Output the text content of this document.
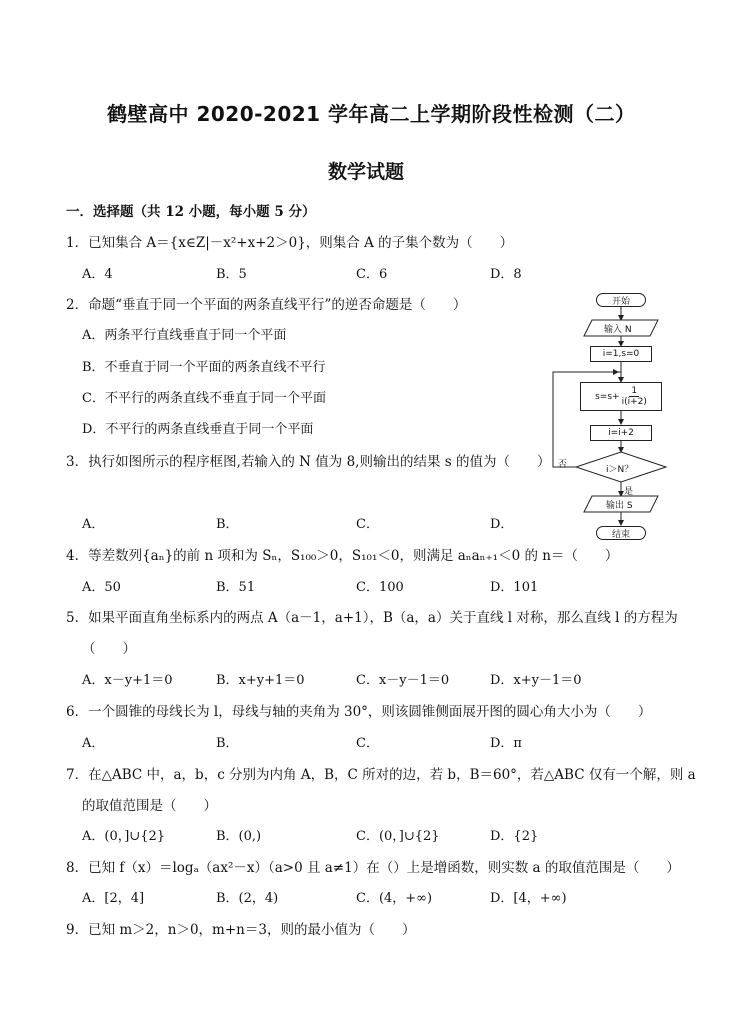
鹤壁高中 2020-2021 学年高二上学期阶段性检测（二）
数学试题
一．选择题（共 12 小题，每小题 5 分）
1．已知集合 A＝{x∈Z|－x²+x+2＞0}，则集合 A 的子集个数为（　　）
A．4	B．5	C．6	D．8
2．命题“垂直于同一个平面的两条直线平行”的逆否命题是（　　）
A．两条平行直线垂直于同一个平面
B．不垂直于同一个平面的两条直线不平行
C．不平行的两条直线不垂直于同一个平面
D．不平行的两条直线垂直于同一个平面
3．执行如图所示的程序框图,若输入的 N 值为 8,则输出的结果 s 的值为（　　）
A．	B．	C．	D．
4．等差数列{aₙ}的前 n 项和为 Sₙ，S₁₀₀＞0，S₁₀₁＜0，则满足 aₙaₙ₊₁＜0 的 n＝（　　）
A．50	B．51	C．100	D．101
5．如果平面直角坐标系内的两点 A（a－1，a+1），B（a，a）关于直线 l 对称，那么直线 l 的方程为
（　　）
A．x－y+1＝0	B．x+y+1＝0	C．x－y－1＝0	D．x+y－1＝0
6．一个圆锥的母线长为 l，母线与轴的夹角为 30°，则该圆锥侧面展开图的圆心角大小为（　　）
A．	B．	C．	D．π
7．在△ABC 中，a，b，c 分别为内角 A，B，C 所对的边，若 b，B＝60°，若△ABC 仅有一个解，则 a
的取值范围是（　　）
A．(0，]∪{2}	B．(0,)	C．(0，]∪{2}	D．{2}
8．已知 f（x）＝logₐ（ax²－x）（a>0 且 a≠1）在（）上是增函数，则实数 a 的取值范围是（　　）
A．[2，4]	B．(2，4)	C．(4，+∞)	D．[4，+∞)
9．已知 m＞2，n＞0，m+n＝3，则的最小值为（　　）
开始
输入 N
i=1,s=0
$s=s+ \frac{1}{i(i+2)}$
i=i+2
i＞N？
是
否
输出 S
结束
